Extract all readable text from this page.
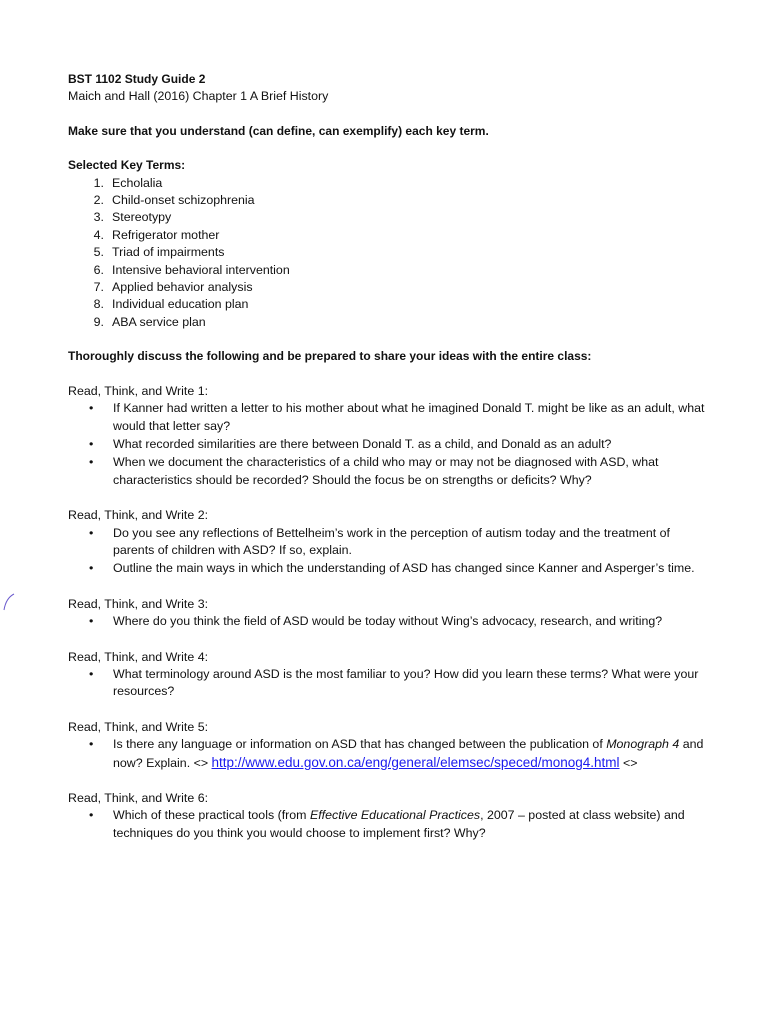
BST 1102 Study Guide 2

Maich and Hall (2016) Chapter 1 A Brief History

Make sure that you understand (can define, can exemplify) each key term.

Selected Key Terms:

1. Echolalia
2. Child-onset schizophrenia
3. Stereotypy
4. Refrigerator mother
5. Triad of impairments
6. Intensive behavioral intervention
7. Applied behavior analysis
8. Individual education plan
9. ABA service plan

Thoroughly discuss the following and be prepared to share your ideas with the entire class:

Read, Think, and Write 1:

• If Kanner had written a letter to his mother about what he imagined Donald T. might be like as an adult, what would that letter say?
• What recorded similarities are there between Donald T. as a child, and Donald as an adult?
• When we document the characteristics of a child who may or may not be diagnosed with ASD, what characteristics should be recorded? Should the focus be on strengths or deficits? Why?

Read, Think, and Write 2:

• Do you see any reflections of Bettelheim’s work in the perception of autism today and the treatment of parents of children with ASD? If so, explain.
• Outline the main ways in which the understanding of ASD has changed since Kanner and Asperger’s time.

Read, Think, and Write 3:

• Where do you think the field of ASD would be today without Wing’s advocacy, research, and writing?

Read, Think, and Write 4:

• What terminology around ASD is the most familiar to you? How did you learn these terms? What were your resources?

Read, Think, and Write 5:

• Is there any language or information on ASD that has changed between the publication of Monograph 4 and now? Explain. <> http://www.edu.gov.on.ca/eng/general/elemsec/speced/monog4.html <>

Read, Think, and Write 6:

• Which of these practical tools (from Effective Educational Practices, 2007 – posted at class website) and techniques do you think you would choose to implement first? Why?
